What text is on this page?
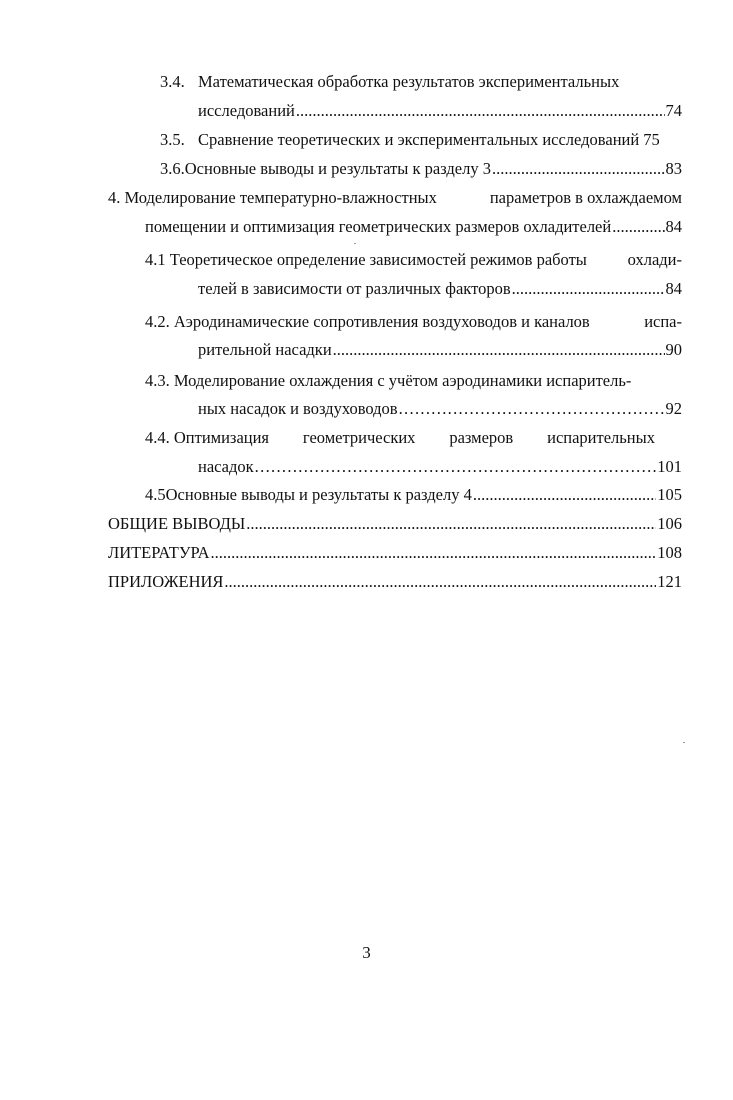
3.4. Математическая обработка результатов экспериментальных
исследований .....	74
3.5. Сравнение теоретических и экспериментальных исследований 75
3.6. Основные выводы и результаты к разделу 3 .....	83
4. Моделирование температурно-влажностных	параметров в охлаждаемом
помещении и оптимизация геометрических размеров охладителей .....	84
4.1 Теоретическое определение зависимостей режимов работы охлади-
телей в зависимости от различных факторов .....	84
4.2. Аэродинамические сопротивления воздуховодов и каналов	испа-
рительной насадки .....	90
4.3. Моделирование охлаждения с учётом аэродинамики испаритель-
ных насадок и воздуховодов . . .	92
4.4. Оптимизация геометрических размеров испарительных
насадок . . .	101
4.5 Основные выводы и результаты к разделу 4 .....	105
ОБЩИЕ ВЫВОДЫ .....	106
ЛИТЕРАТУРА .....	108
ПРИЛОЖЕНИЯ .....	121
3
